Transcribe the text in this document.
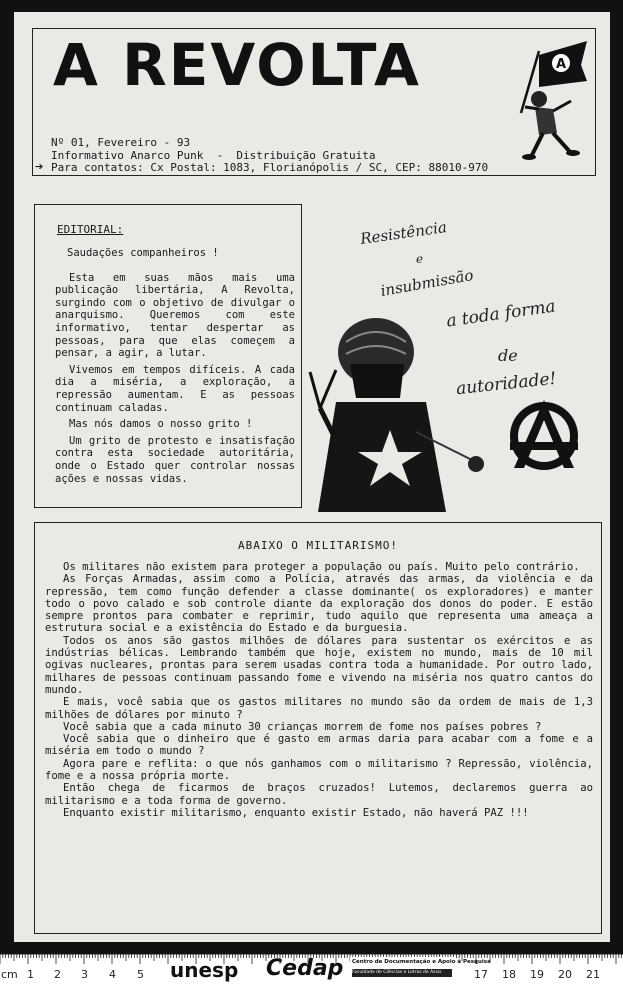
A REVOLTA	A
Nº 01, Fevereiro - 93
Informativo Anarco Punk  -  Distribuição Gratuita
Para contatos: Cx Postal: 1083, Florianópolis / SC, CEP: 88010-970
➔
EDITORIAL:

Saudações companheiros !

Esta em suas mãos mais uma publicação libertária, A Revolta, surgindo com o objetivo de divulgar o anarquismo. Queremos com este informativo, tentar despertar as pessoas, para que elas começem a pensar, a agir, a lutar.

Vivemos em tempos difíceis. A cada dia a miséria, a exploração, a repressão aumentam. E as pessoas continuam caladas.

Mas nós damos o nosso grito !

Um grito de protesto e insatisfação contra esta sociedade autoritária, onde o Estado quer controlar nossas ações e nossas vidas.

Resistência
e
insubmissão
a toda forma
de
autoridade!
ABAIXO O MILITARISMO!

Os militares não existem para proteger a população ou país. Muito pelo contrário.

As Forças Armadas, assim como a Polícia, através das armas, da violência e da repressão, tem como função defender a classe dominante( os exploradores) e manter todo o povo calado e sob controle diante da exploração dos donos do poder. E estão sempre prontos para combater e reprimir, tudo aquilo que representa uma ameaça a estrutura social e a existência do Estado e da burguesia.

Todos os anos são gastos milhões de dólares para sustentar os exércitos e as indústrias bélicas. Lembrando também que hoje, existem no mundo, mais de 10 mil ogivas nucleares, prontas para serem usadas contra toda a humanidade. Por outro lado, milhares de pessoas continuam passando fome e vivendo na miséria nos quatro cantos do mundo.

E mais, você sabia que os gastos militares no mundo são da ordem de mais de 1,3 milhões de dólares por minuto ?

Você sabia que a cada minuto 30 crianças morrem de fome nos países pobres ?

Você sabia que o dinheiro que é gasto em armas daria para acabar com a fome e a miséria em todo o mundo ?

Agora pare e reflita: o que nós ganhamos com o militarismo ? Repressão, violência, fome e a nossa própria morte.

Então chega de ficarmos de braços cruzados! Lutemos, declaremos guerra ao militarismo e a toda forma de governo.

Enquanto existir militarismo, enquanto existir Estado, não haverá PAZ !!!

cm 1 2 3 4 5 unesp Cedap	17 18 19 20 21
Centro de Documentação e Apoio à Pesquisa
Faculdade de Ciências e Letras de Assis
